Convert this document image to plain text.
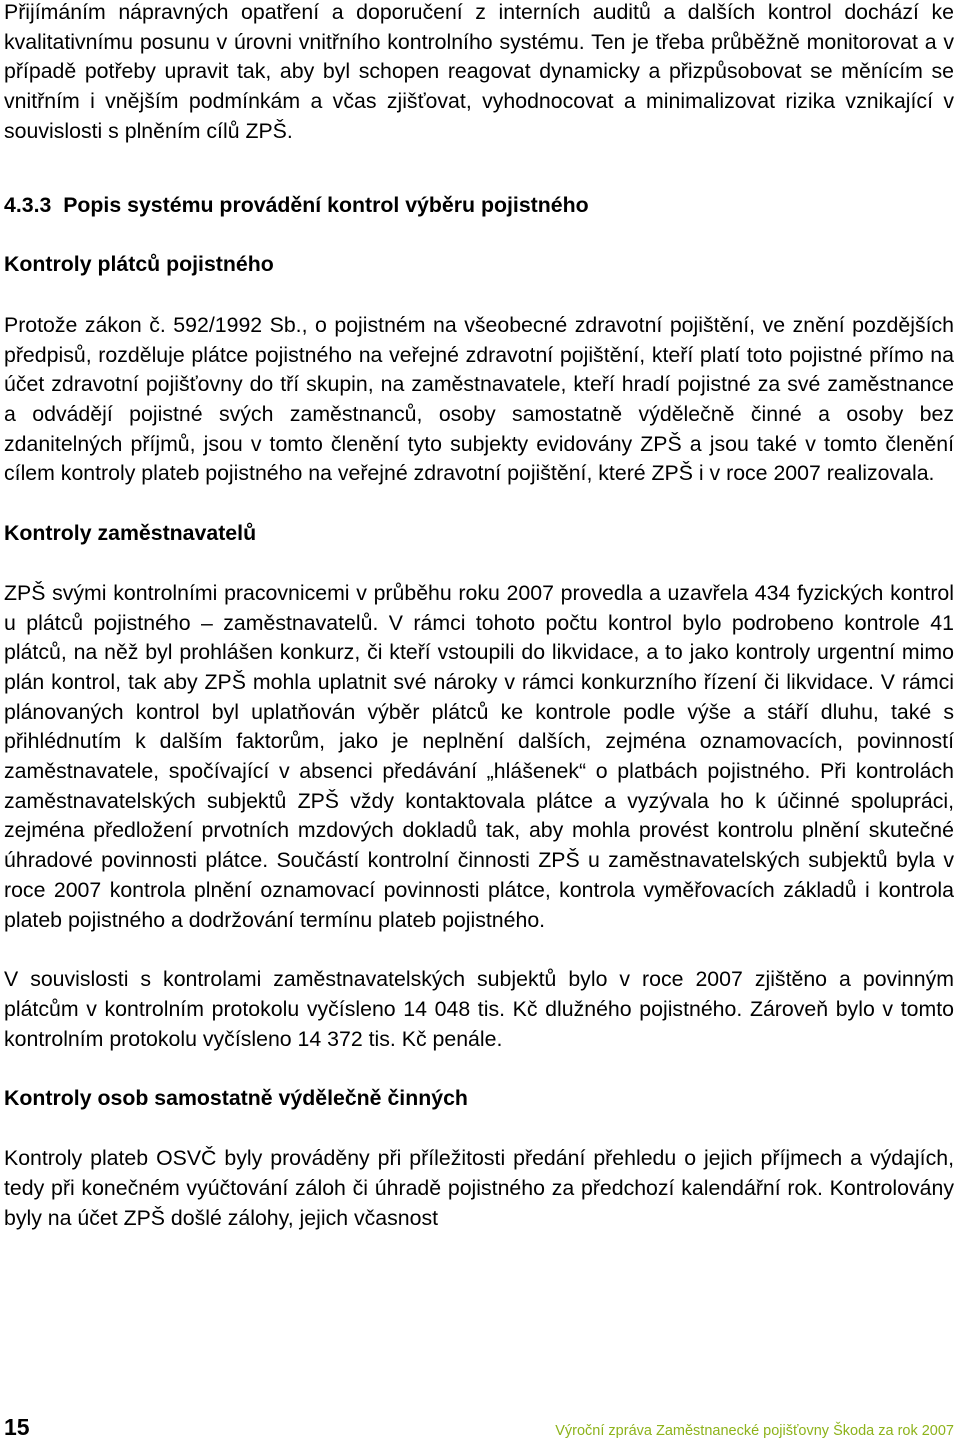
Přijímáním nápravných opatření a doporučení z interních auditů a dalších kontrol dochází ke kvalitativnímu posunu v úrovni vnitřního kontrolního systému. Ten je třeba průběžně monitorovat a v případě potřeby upravit tak, aby byl schopen reagovat dynamicky a přizpůsobovat se měnícím se vnitřním i vnějším podmínkám a včas zjišťovat, vyhodnocovat a minimalizovat rizika vznikající v souvislosti s plněním cílů ZPŠ.

4.3.3  Popis systému provádění kontrol výběru pojistného

Kontroly plátců pojistného

Protože zákon č. 592/1992 Sb., o pojistném na všeobecné zdravotní pojištění, ve znění pozdějších předpisů, rozděluje plátce pojistného na veřejné zdravotní pojištění, kteří platí toto pojistné přímo na účet zdravotní pojišťovny do tří skupin, na zaměstnavatele, kteří hradí pojistné za své zaměstnance a odvádějí pojistné svých zaměstnanců, osoby samostatně výdělečně činné a osoby bez zdanitelných příjmů, jsou v tomto členění tyto subjekty evidovány ZPŠ a jsou také v tomto členění cílem kontroly plateb pojistného na veřejné zdravotní pojištění, které ZPŠ i v roce 2007 realizovala.

Kontroly zaměstnavatelů

ZPŠ svými kontrolními pracovnicemi v průběhu roku 2007 provedla a uzavřela 434 fyzických kontrol u plátců pojistného – zaměstnavatelů. V rámci tohoto počtu kontrol bylo podrobeno kontrole 41 plátců, na něž byl prohlášen konkurz, či kteří vstoupili do likvidace, a to jako kontroly urgentní mimo plán kontrol, tak aby ZPŠ mohla uplatnit své nároky v rámci konkurzního řízení či likvidace. V rámci plánovaných kontrol byl uplatňován výběr plátců ke kontrole podle výše a stáří dluhu, také s přihlédnutím k dalším faktorům, jako je neplnění dalších, zejména oznamovacích, povinností zaměstnavatele, spočívající v absenci předávání „hlášenek“ o platbách pojistného. Při kontrolách zaměstnavatelských subjektů ZPŠ vždy kontaktovala plátce a vyzývala ho k účinné spolupráci, zejména předložení prvotních mzdových dokladů tak, aby mohla provést kontrolu plnění skutečné úhradové povinnosti plátce. Součástí kontrolní činnosti ZPŠ u zaměstnavatelských subjektů byla v roce 2007 kontrola plnění oznamovací povinnosti plátce, kontrola vyměřovacích základů i kontrola plateb pojistného a dodržování termínu plateb pojistného.

V souvislosti s kontrolami zaměstnavatelských subjektů bylo v roce 2007 zjištěno a povinným plátcům v kontrolním protokolu vyčísleno 14 048 tis. Kč dlužného pojistného. Zároveň bylo v tomto kontrolním protokolu vyčísleno 14 372 tis. Kč penále.

Kontroly osob samostatně výdělečně činných

Kontroly plateb OSVČ byly prováděny při příležitosti předání přehledu o jejich příjmech a výdajích, tedy při konečném vyúčtování záloh či úhradě pojistného za předchozí kalendářní rok. Kontrolovány byly na účet ZPŠ došlé zálohy, jejich včasnost

15	Výroční zpráva Zaměstnanecké pojišťovny Škoda za rok 2007
